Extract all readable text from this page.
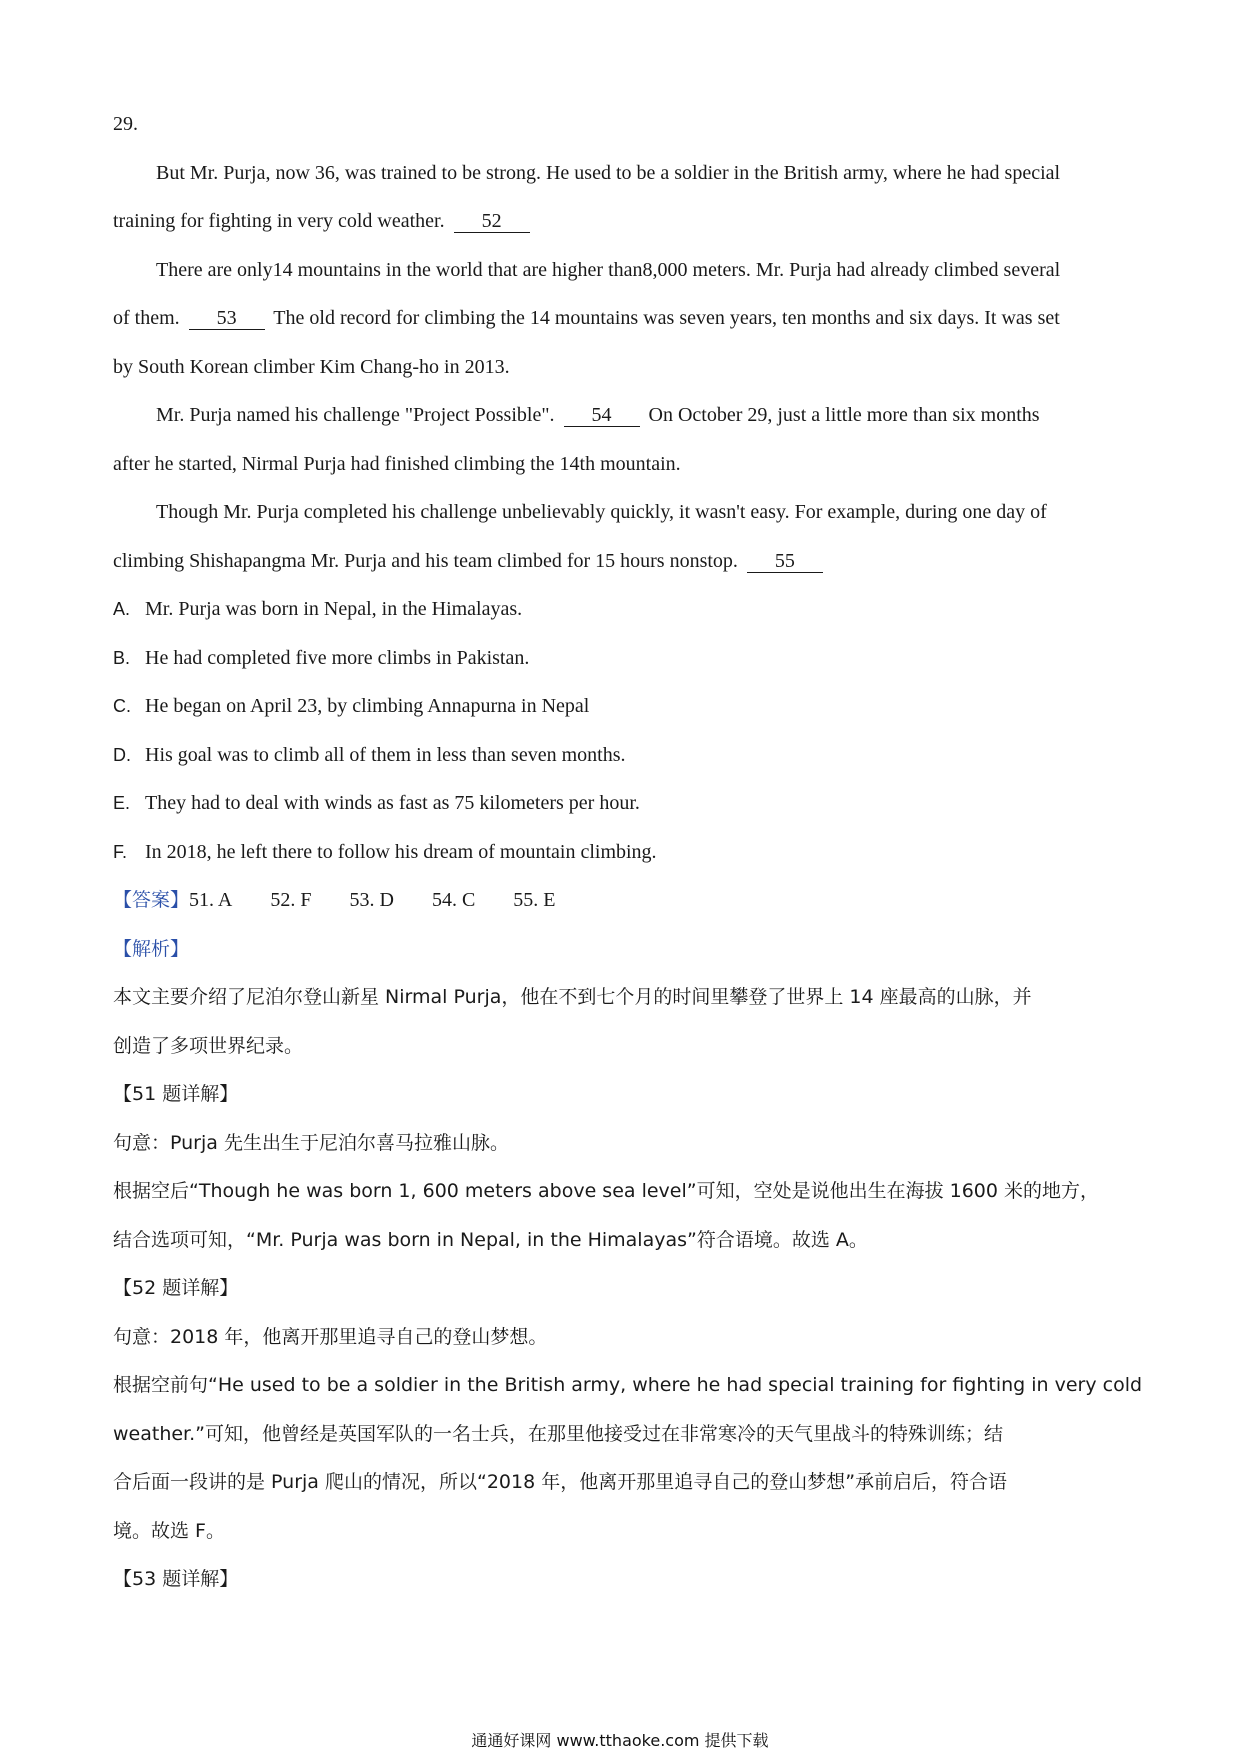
29.
But Mr. Purja, now 36, was trained to be strong. He used to be a soldier in the British army, where he had special
training for fighting in very cold weather. 52
There are only14 mountains in the world that are higher than8,000 meters. Mr. Purja had already climbed several
of them. 53 The old record for climbing the 14 mountains was seven years, ten months and six days. It was set
by South Korean climber Kim Chang-ho in 2013.
Mr. Purja named his challenge "Project Possible". 54 On October 29, just a little more than six months
after he started, Nirmal Purja had finished climbing the 14th mountain.
Though Mr. Purja completed his challenge unbelievably quickly, it wasn't easy. For example, during one day of
climbing Shishapangma Mr. Purja and his team climbed for 15 hours nonstop. 55
A. Mr. Purja was born in Nepal, in the Himalayas.
B. He had completed five more climbs in Pakistan.
C. He began on April 23, by climbing Annapurna in Nepal
D. His goal was to climb all of them in less than seven months.
E. They had to deal with winds as fast as 75 kilometers per hour.
F. In 2018, he left there to follow his dream of mountain climbing.
【答案】51. A 52. F 53. D 54. C 55. E
【解析】
本文主要介绍了尼泊尔登山新星 Nirmal Purja，他在不到七个月的时间里攀登了世界上 14 座最高的山脉，并
创造了多项世界纪录。
【51 题详解】
句意：Purja 先生出生于尼泊尔喜马拉雅山脉。
根据空后“Though he was born 1, 600 meters above sea level”可知，空处是说他出生在海拔 1600 米的地方，
结合选项可知，“Mr. Purja was born in Nepal, in the Himalayas”符合语境。故选 A。
【52 题详解】
句意：2018 年，他离开那里追寻自己的登山梦想。
根据空前句“He used to be a soldier in the British army, where he had special training for fighting in very cold
weather.”可知，他曾经是英国军队的一名士兵，在那里他接受过在非常寒冷的天气里战斗的特殊训练；结
合后面一段讲的是 Purja 爬山的情况，所以“2018 年，他离开那里追寻自己的登山梦想”承前启后，符合语
境。故选 F。
【53 题详解】
通通好课网 www.tthaoke.com 提供下载
